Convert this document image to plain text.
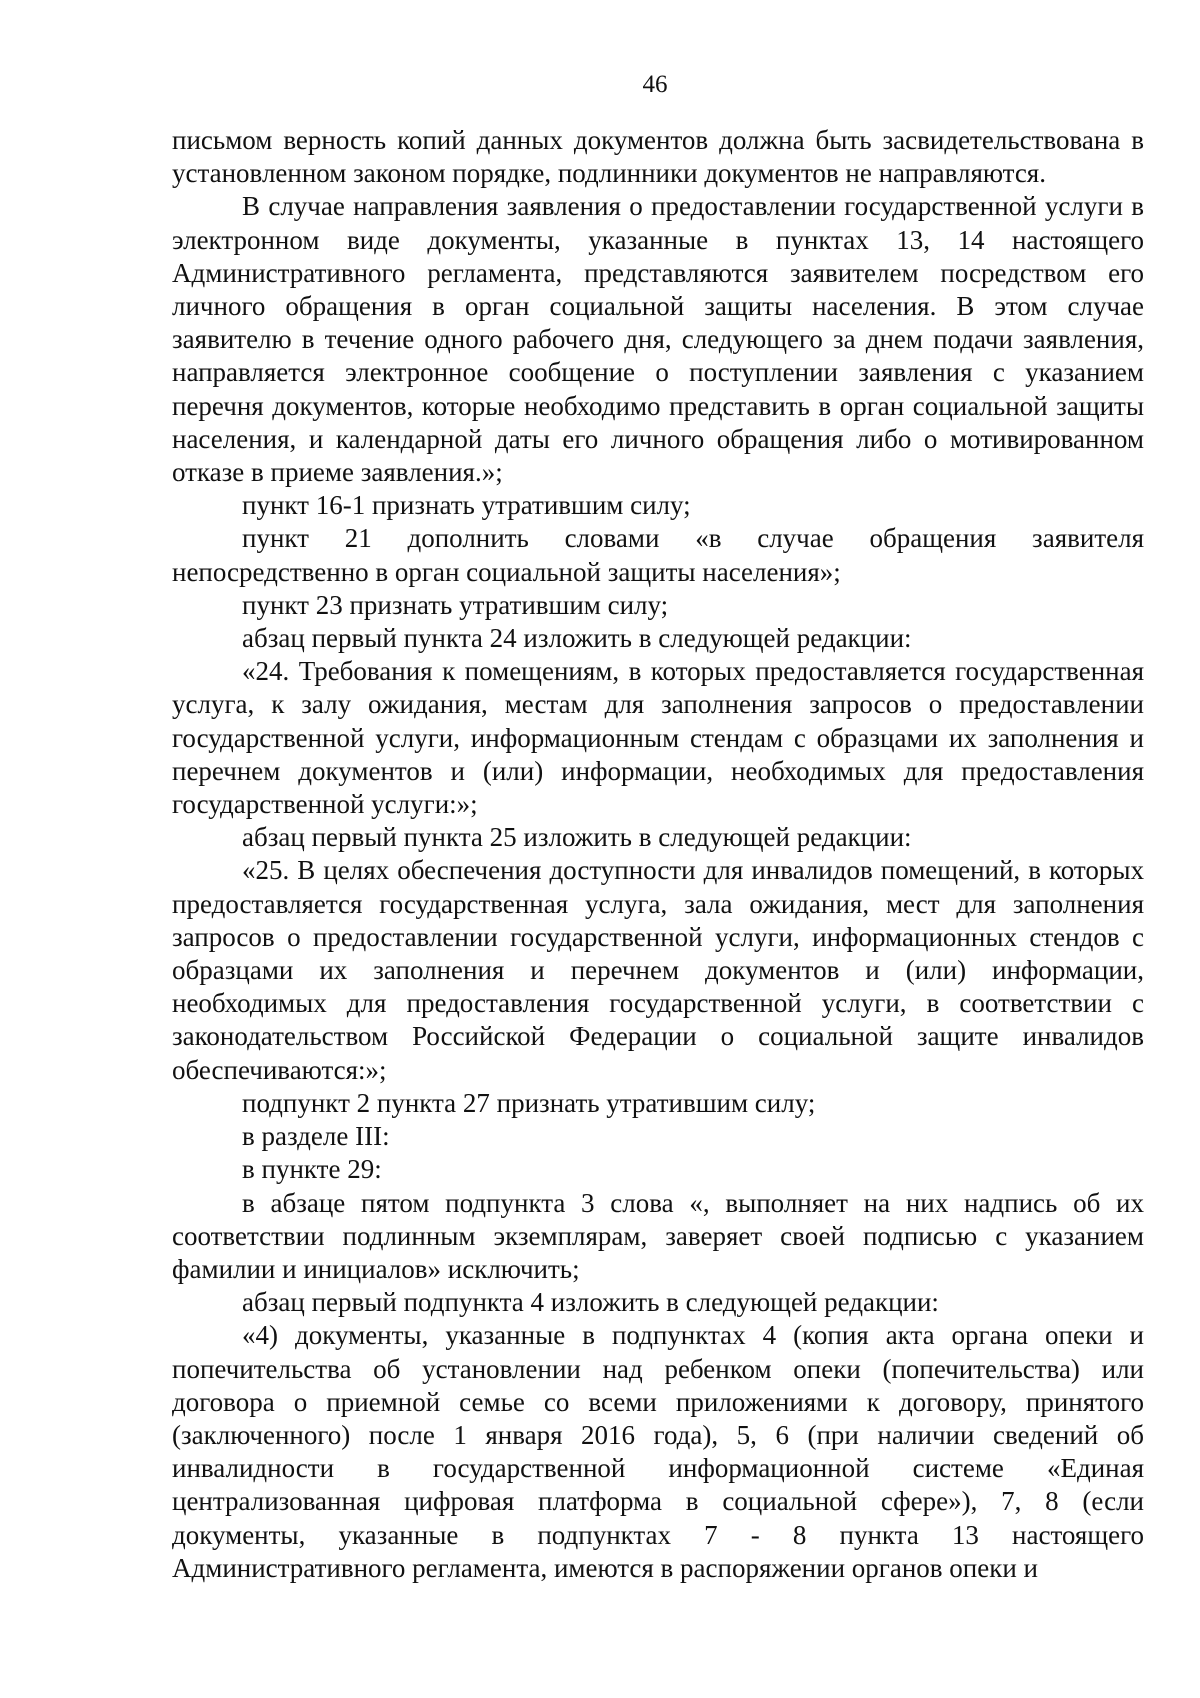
46

письмом верность копий данных документов должна быть засвидетельствована в установленном законом порядке, подлинники документов не направляются.

В случае направления заявления о предоставлении государственной услуги в электронном виде документы, указанные в пунктах 13, 14 настоящего Административного регламента, представляются заявителем посредством его личного обращения в орган социальной защиты населения. В этом случае заявителю в течение одного рабочего дня, следующего за днем подачи заявления, направляется электронное сообщение о поступлении заявления с указанием перечня документов, которые необходимо представить в орган социальной защиты населения, и календарной даты его личного обращения либо о мотивированном отказе в приеме заявления.»;

пункт 16-1 признать утратившим силу;

пункт 21 дополнить словами «в случае обращения заявителя непосредственно в орган социальной защиты населения»;

пункт 23 признать утратившим силу;

абзац первый пункта 24 изложить в следующей редакции:

«24. Требования к помещениям, в которых предоставляется государственная услуга, к залу ожидания, местам для заполнения запросов о предоставлении государственной услуги, информационным стендам с образцами их заполнения и перечнем документов и (или) информации, необходимых для предоставления государственной услуги:»;

абзац первый пункта 25 изложить в следующей редакции:

«25. В целях обеспечения доступности для инвалидов помещений, в которых предоставляется государственная услуга, зала ожидания, мест для заполнения запросов о предоставлении государственной услуги, информационных стендов с образцами их заполнения и перечнем документов и (или) информации, необходимых для предоставления государственной услуги, в соответствии с законодательством Российской Федерации о социальной защите инвалидов обеспечиваются:»;

подпункт 2 пункта 27 признать утратившим силу;

в разделе III:

в пункте 29:

в абзаце пятом подпункта 3 слова «, выполняет на них надпись об их соответствии подлинным экземплярам, заверяет своей подписью с указанием фамилии и инициалов» исключить;

абзац первый подпункта 4 изложить в следующей редакции:

«4) документы, указанные в подпунктах 4 (копия акта органа опеки и попечительства об установлении над ребенком опеки (попечительства) или договора о приемной семье со всеми приложениями к договору, принятого (заключенного) после 1 января 2016 года), 5, 6 (при наличии сведений об инвалидности в государственной информационной системе «Единая централизованная цифровая платформа в социальной сфере»), 7, 8 (если документы, указанные в подпунктах 7 - 8 пункта 13 настоящего Административного регламента, имеются в распоряжении органов опеки и
